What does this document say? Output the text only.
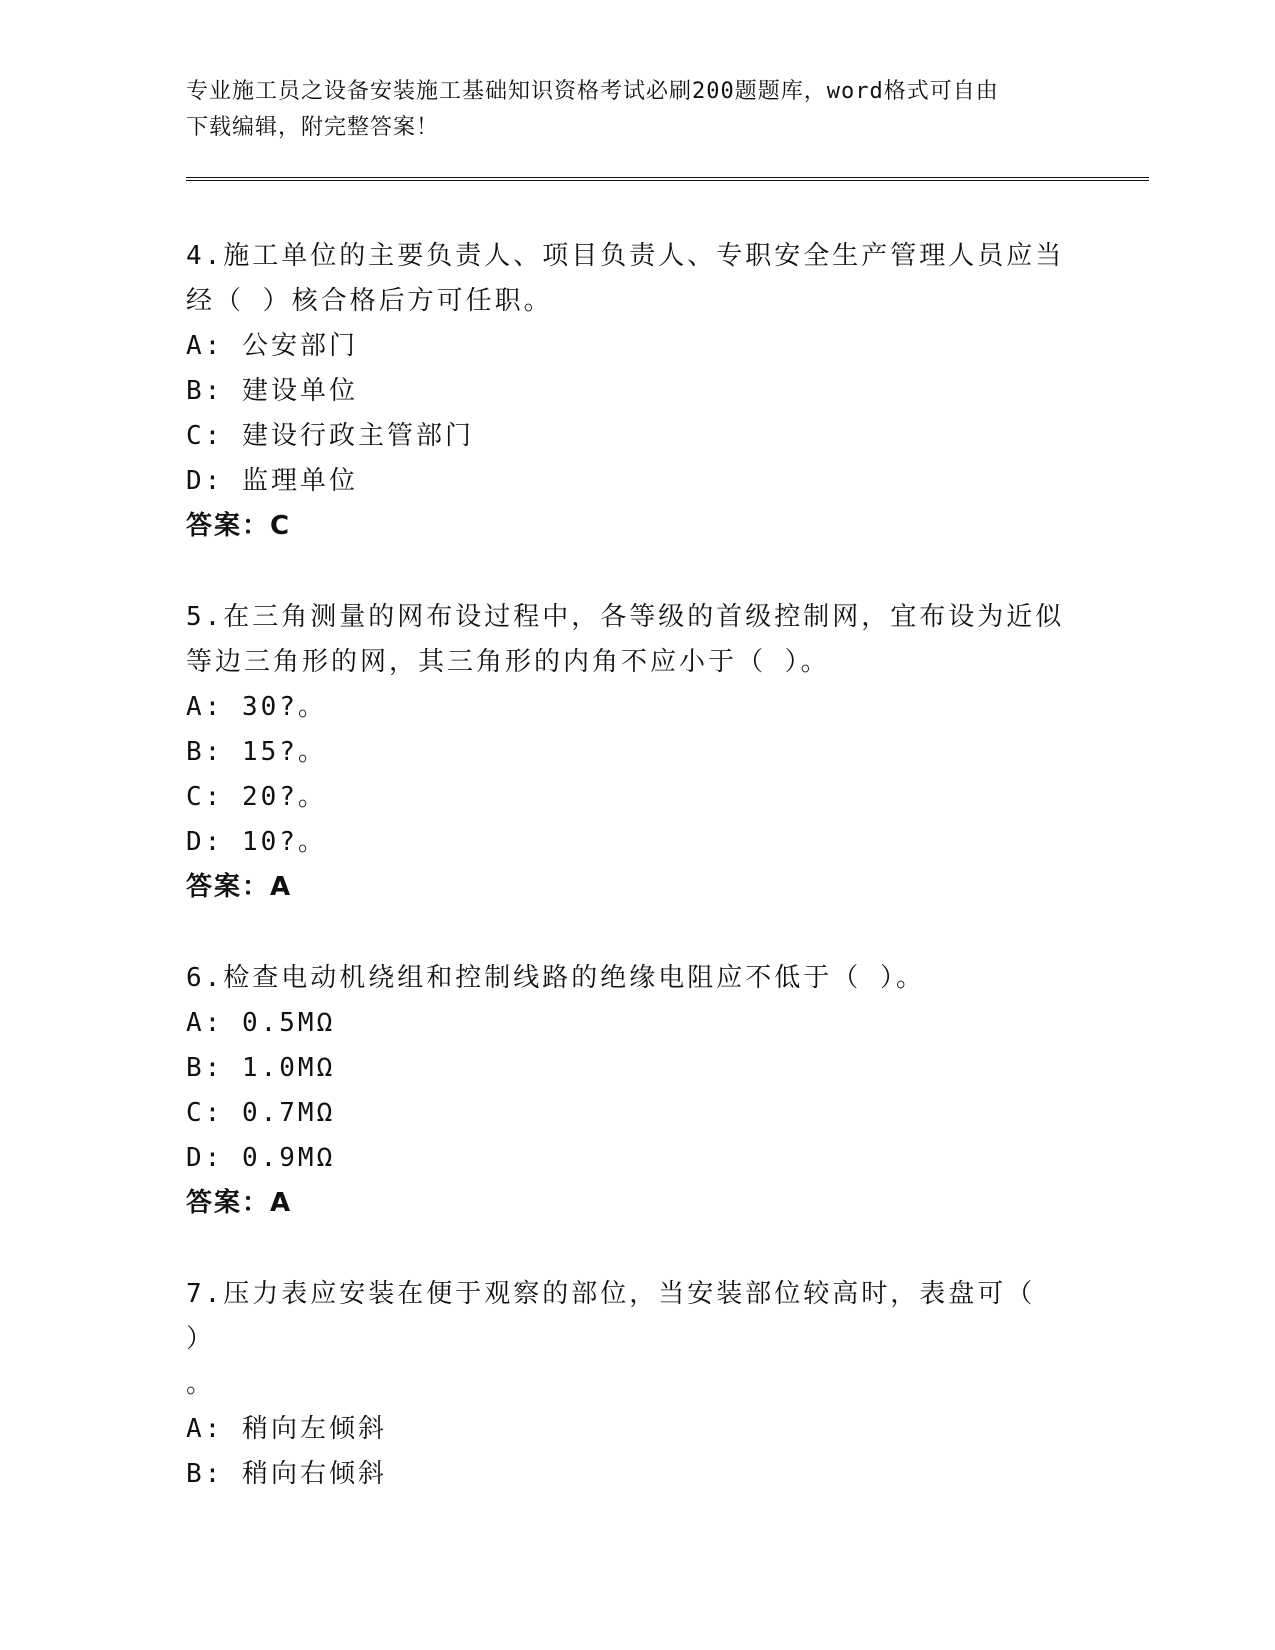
专业施工员之设备安装施工基础知识资格考试必刷200题题库，word格式可自由
下载编辑，附完整答案！
4.施工单位的主要负责人、项目负责人、专职安全生产管理人员应当
经（ ）核合格后方可任职。
A: 公安部门
B: 建设单位
C: 建设行政主管部门
D: 监理单位
答案：C
5.在三角测量的网布设过程中，各等级的首级控制网，宜布设为近似
等边三角形的网，其三角形的内角不应小于（ ）。
A: 30?。
B: 15?。
C: 20?。
D: 10?。
答案：A
6.检查电动机绕组和控制线路的绝缘电阻应不低于（ ）。
A: 0.5MΩ
B: 1.0MΩ
C: 0.7MΩ
D: 0.9MΩ
答案：A
7.压力表应安装在便于观察的部位，当安装部位较高时，表盘可（ ）
。
A: 稍向左倾斜
B: 稍向右倾斜
